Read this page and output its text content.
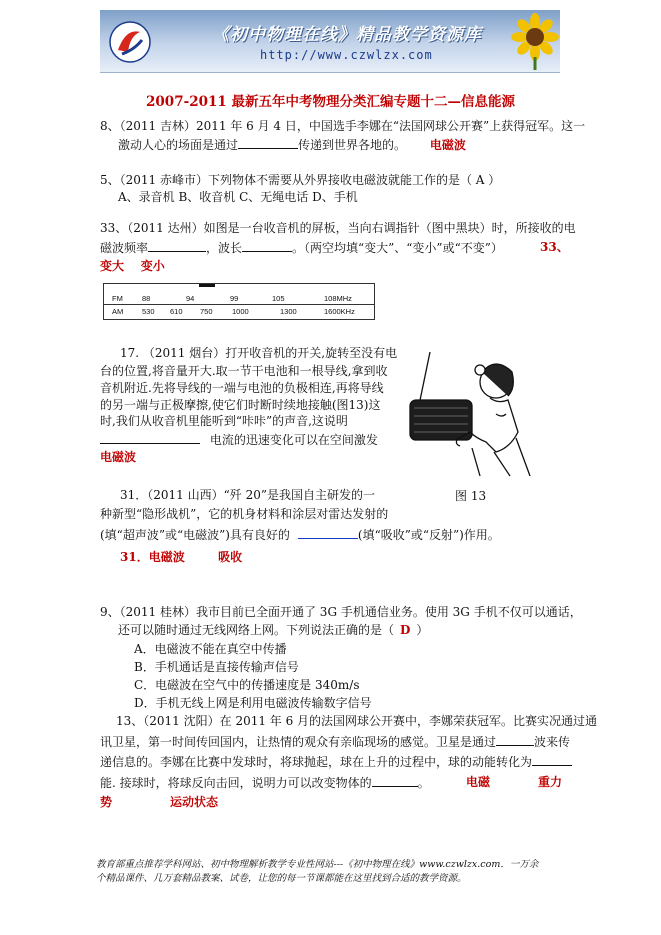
《初中物理在线》精品教学资源库
http://www.czwlzx.com
2007-2011 最新五年中考物理分类汇编专题十二—信息能源
8、（2011 吉林）2011 年 6 月 4 日，中国选手李娜在“法国网球公开赛”上获得冠军。这一
激动人心的场面是通过	传递到世界各地的。 电磁波
5、（2011 赤峰市）下列物体不需要从外界接收电磁波就能工作的是（ A ）
A、录音机 B、收音机 C、无绳电话 D、手机
33、（2011 达州）如图是一台收音机的屏板，当向右调指针（图中黑块）时，所接收的电
磁波频率	，波长	。（两空均填“变大”、“变小”或“不变”）	33、
变大    变小
FM	88	94	99	105	108MHz
AM	530 610 750	1000	1300	1600KHz
17. （2011 烟台）打开收音机的开关,旋转至没有电
台的位置,将音量开大.取一节干电池和一根导线,拿到收
音机附近.先将导线的一端与电池的负极相连,再将导线
的另一端与正极摩擦,使它们时断时续地接触(图13)这
时,我们从收音机里能听到“咔咔”的声音,这说明
电流的迅速变化可以在空间激发
电磁波
图 13
31．（2011 山西）“歼 20”是我国自主研发的一
种新型“隐形战机”，它的机身材料和涂层对雷达发射的
(填“超声波”或“电磁波”)具有良好的	(填“吸收”或“反射”)作用。
31．电磁波        吸收
9、（2011 桂林）我市目前已全面开通了 3G 手机通信业务。使用 3G 手机不仅可以通话，
还可以随时通过无线网络上网。下列说法正确的是（ D ）
A．电磁波不能在真空中传播
B．手机通话是直接传输声信号
C．电磁波在空气中的传播速度是 340m/s
D．手机无线上网是利用电磁波传输数字信号
13、（2011 沈阳）在 2011 年 6 月的法国网球公开赛中，李娜荣获冠军。比赛实况通过通
讯卫星，第一时间传回国内，让热情的观众有亲临现场的感觉。卫星是通过	波来传
递信息的。李娜在比赛中发球时，将球抛起，球在上升的过程中，球的动能转化为
能. 接球时，将球反向击回，说明力可以改变物体的	。	电磁	重力
势	运动状态
教育部重点推荐学科网站、初中物理解析教学专业性网站---《初中物理在线》www.czwlzx.com．一万余
个精品课件、几万套精品教案、试卷，让您的每一节课都能在这里找到合适的教学资源。
